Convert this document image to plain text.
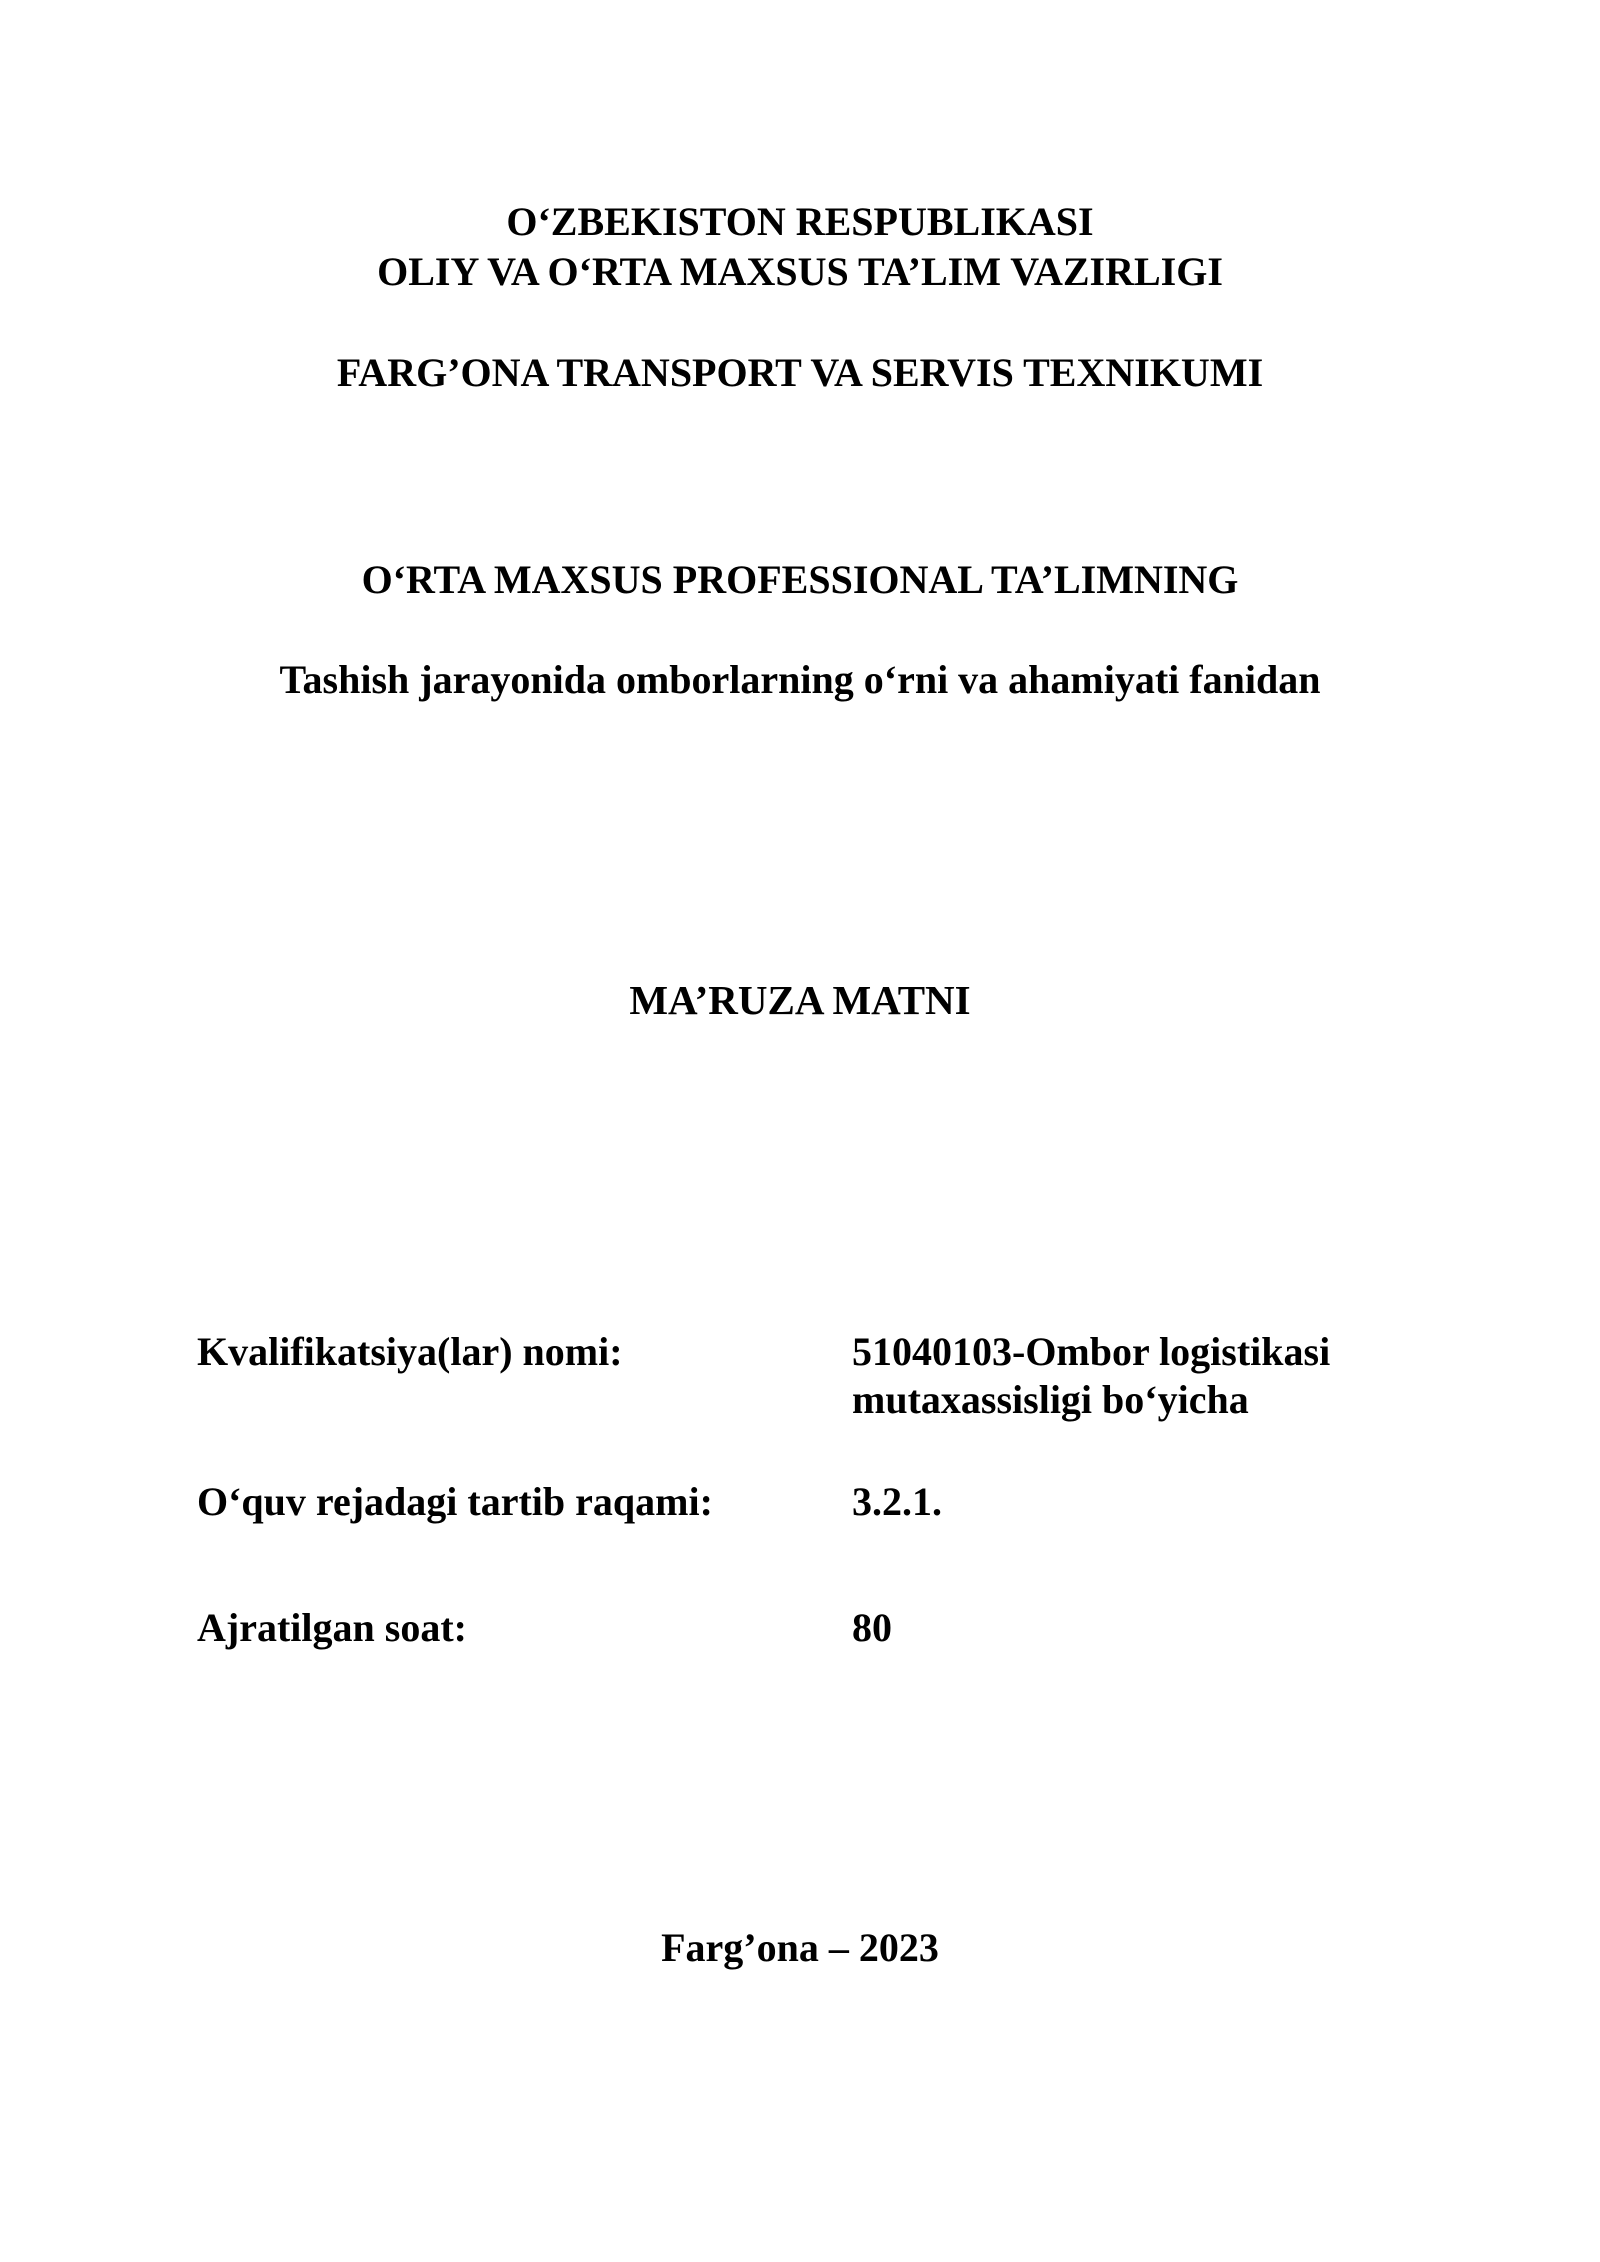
O‘ZBEKISTON RESPUBLIKASI
OLIY VA O‘RTA MAXSUS TA’LIM VAZIRLIGI
FARG’ONA TRANSPORT VA SERVIS TEXNIKUMI
O‘RTA MAXSUS PROFESSIONAL TA’LIMNING
Tashish jarayonida omborlarning o‘rni va ahamiyati fanidan
MA’RUZA MATNI
Kvalifikatsiya(lar) nomi:	51040103-Ombor logistikasi
mutaxassisligi bo‘yicha
O‘quv rejadagi tartib raqami:	3.2.1.
Ajratilgan soat:	80
Farg’ona – 2023
